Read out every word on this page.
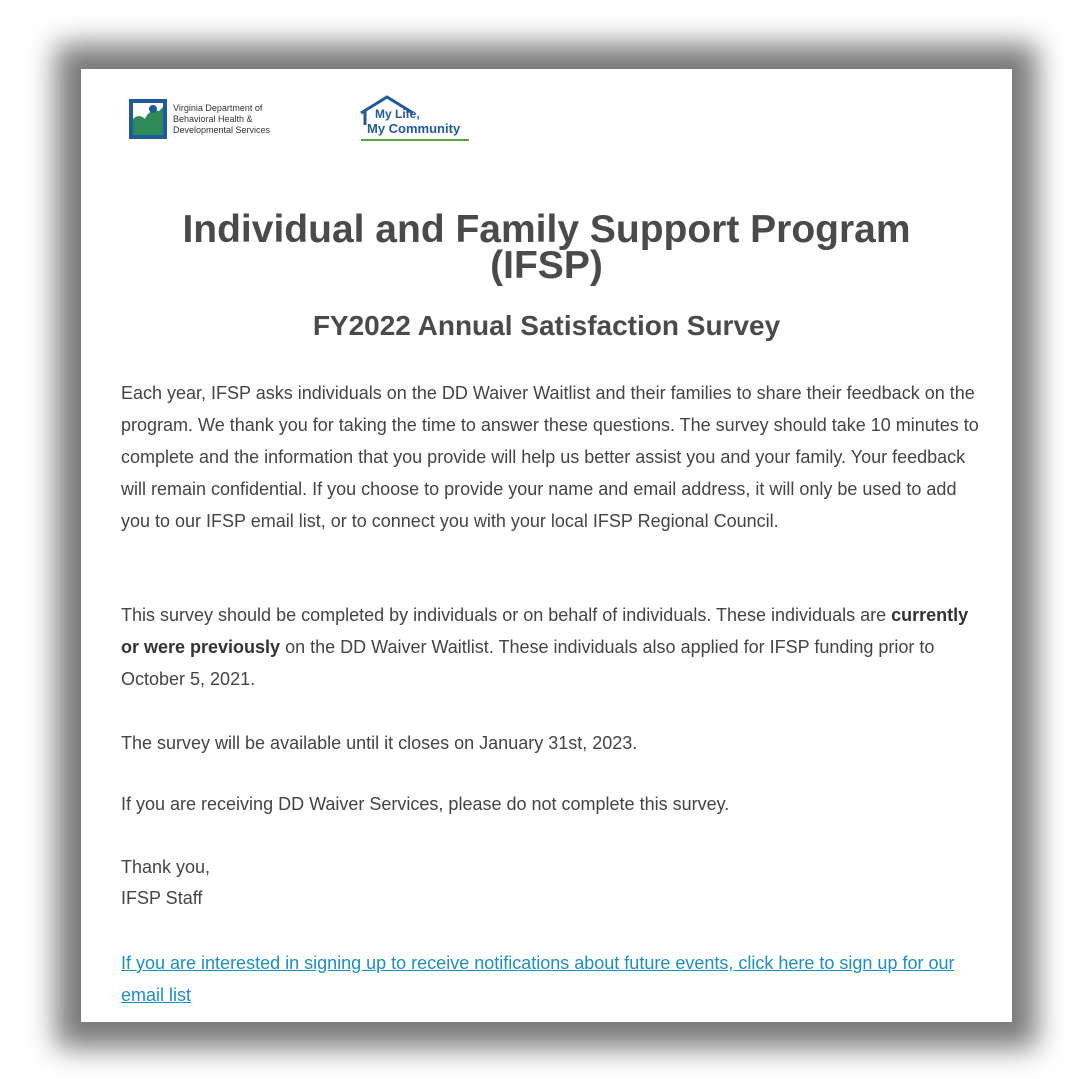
Virginia Department of Behavioral Health & Developmental Services
My Life,
My Community
Individual and Family Support Program (IFSP)
FY2022 Annual Satisfaction Survey

Each year, IFSP asks individuals on the DD Waiver Waitlist and their families to share their feedback on the program. We thank you for taking the time to answer these questions. The survey should take 10 minutes to complete and the information that you provide will help us better assist you and your family. Your feedback will remain confidential. If you choose to provide your name and email address, it will only be used to add you to our IFSP email list, or to connect you with your local IFSP Regional Council.

This survey should be completed by individuals or on behalf of individuals. These individuals are currently or were previously on the DD Waiver Waitlist. These individuals also applied for IFSP funding prior to October 5, 2021.

The survey will be available until it closes on January 31st, 2023.

If you are receiving DD Waiver Services, please do not complete this survey.

Thank you,

IFSP Staff

If you are interested in signing up to receive notifications about future events, click here to sign up for our email list
